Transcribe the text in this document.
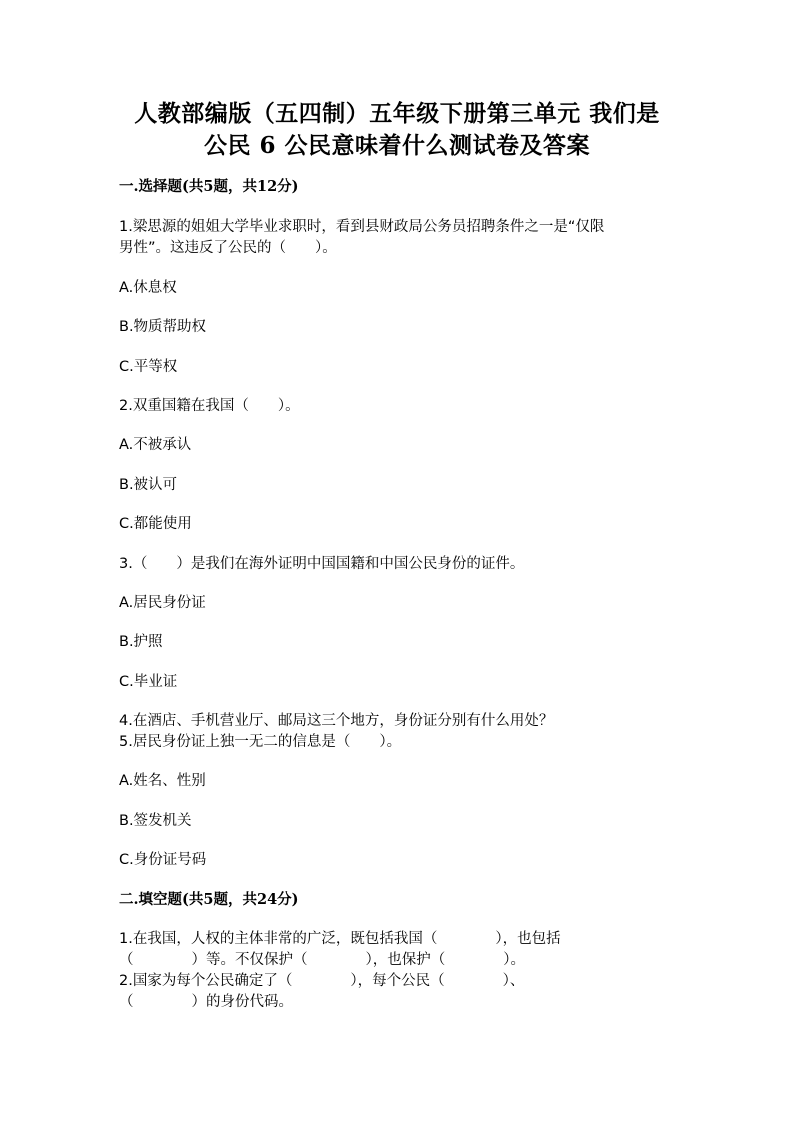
人教部编版（五四制）五年级下册第三单元 我们是
公民 6 公民意味着什么测试卷及答案
一.选择题(共5题，共12分)
1.梁思源的姐姐大学毕业求职时，看到县财政局公务员招聘条件之一是“仅限
男性”。这违反了公民的（　　）。
A.休息权
B.物质帮助权
C.平等权
2.双重国籍在我国（　　）。
A.不被承认
B.被认可
C.都能使用
3.（　　）是我们在海外证明中国国籍和中国公民身份的证件。
A.居民身份证
B.护照
C.毕业证
4.在酒店、手机营业厅、邮局这三个地方，身份证分别有什么用处？
5.居民身份证上独一无二的信息是（　　）。
A.姓名、性别
B.签发机关
C.身份证号码
二.填空题(共5题，共24分)
1.在我国，人权的主体非常的广泛，既包括我国（　　　　），也包括
（　　　　）等。不仅保护（　　　　），也保护（　　　　）。
2.国家为每个公民确定了（　　　　），每个公民（　　　　）、
（　　　　）的身份代码。
